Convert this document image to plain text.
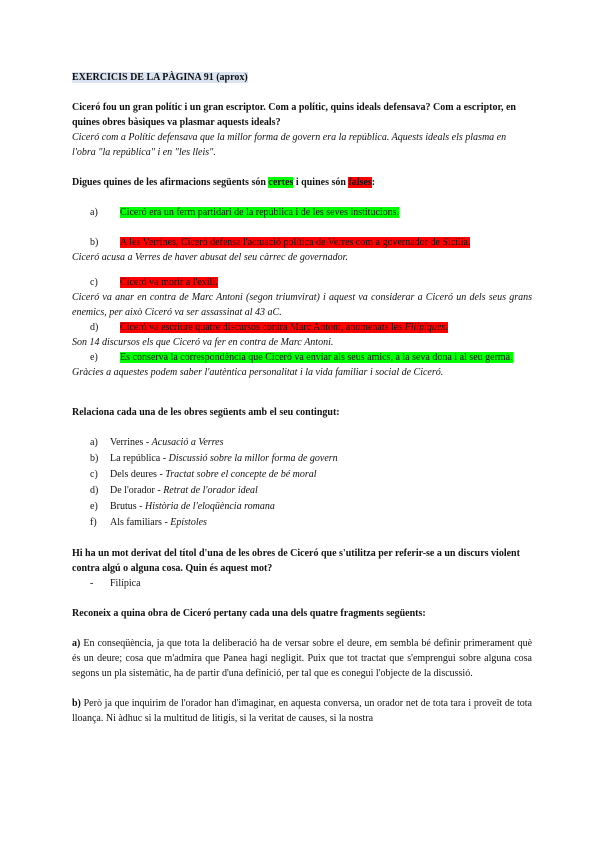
EXERCICIS DE LA PÀGINA 91 (aprox)
Ciceró fou un gran polític i un gran escriptor. Com a polític, quins ideals defensava? Com a escriptor, en quines obres bàsiques va plasmar aquests ideals?
Ciceró com a Polític defensava que la millor forma de govern era la república. Aquests ideals els plasma en l'obra "la república" i en "les lleis".
Digues quines de les afirmacions següents són certes i quines són falses:
a)	Ciceró era un ferm partidari de la república i de les seves institucions.
b)	A les Verrines, Ciceró defensa l'actuació política de Verres com a governador de Sicília.
Ciceró acusa a Verres de haver abusat del seu càrrec de governador.
c)	Ciceró va morir a l'exili.
Ciceró va anar en contra de Marc Antoni (segon triumvirat) i aquest va considerar a Ciceró un dels seus grans enemics, per això Ciceró va ser assassinat al 43 aC.
d)	Ciceró va escriure quatre discursos contra Marc Antoni, anomenats les Filípiques.
Son 14 discursos els que Ciceró va fer en contra de Marc Antoni.
e)	Es conserva la correspondència que Ciceró va enviar als seus amics, a la seva dona i al seu germà.
Gràcies a aquestes podem saber l'autèntica personalitat i la vida familiar i social de Ciceró.
Relaciona cada una de les obres següents amb el seu contingut:
a)	Verrines - Acusació a Verres
b)	La república - Discussió sobre la millor forma de govern
c)	Dels deures - Tractat sobre el concepte de bé moral
d)	De l'orador - Retrat de l'orador ideal
e)	Brutus - Història de l'eloqüència romana
f)	Als familiars - Epístoles
Hi ha un mot derivat del títol d'una de les obres de Ciceró que s'utilitza per referir-se a un discurs violent contra algú o alguna cosa. Quin és aquest mot?
-	Filípica
Reconeix a quina obra de Ciceró pertany cada una dels quatre fragments següents:
a) En conseqüència, ja que tota la deliberació ha de versar sobre el deure, em sembla bé definir primerament què és un deure; cosa que m'admira que Panea hagi negligit. Puix que tot tractat que s'emprengui sobre alguna cosa segons un pla sistemàtic, ha de partir d'una definició, per tal que es conegui l'objecte de la discussió.
b) Però ja que inquirim de l'orador han d'imaginar, en aquesta conversa, un orador net de tota tara i proveït de tota lloança. Ni àdhuc si la multitud de litigis, si la veritat de causes, si la nostra
